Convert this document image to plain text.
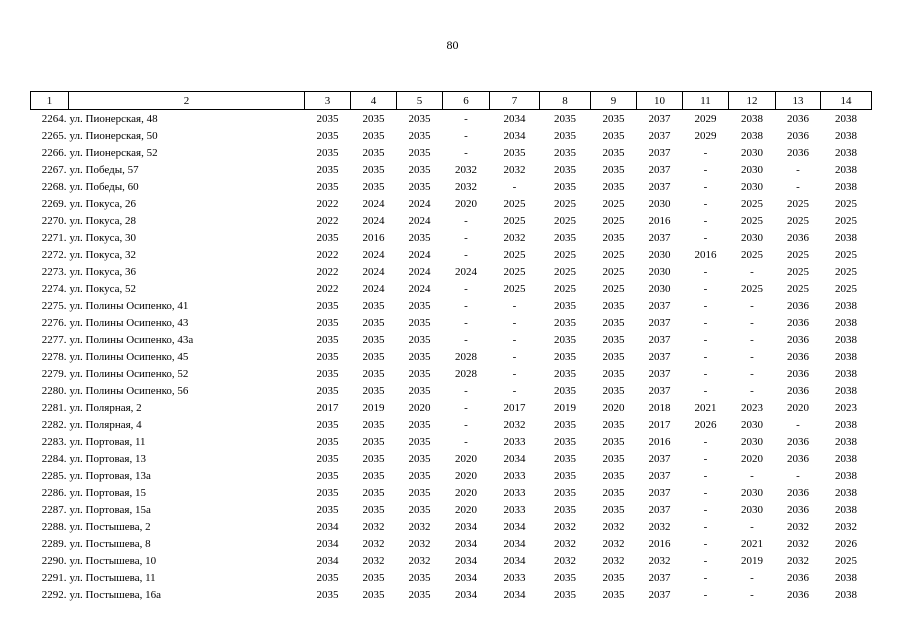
80
1	2	3	4	5	6	7	8	9	10	11	12	13	14
2264.	ул. Пионерская, 48	2035	2035	2035	-	2034	2035	2035	2037	2029	2038	2036	2038
2265.	ул. Пионерская, 50	2035	2035	2035	-	2034	2035	2035	2037	2029	2038	2036	2038
2266.	ул. Пионерская, 52	2035	2035	2035	-	2035	2035	2035	2037	-	2030	2036	2038
2267.	ул. Победы, 57	2035	2035	2035	2032	2032	2035	2035	2037	-	2030	-	2038
2268.	ул. Победы, 60	2035	2035	2035	2032	-	2035	2035	2037	-	2030	-	2038
2269.	ул. Покуса, 26	2022	2024	2024	2020	2025	2025	2025	2030	-	2025	2025	2025
2270.	ул. Покуса, 28	2022	2024	2024	-	2025	2025	2025	2016	-	2025	2025	2025
2271.	ул. Покуса, 30	2035	2016	2035	-	2032	2035	2035	2037	-	2030	2036	2038
2272.	ул. Покуса, 32	2022	2024	2024	-	2025	2025	2025	2030	2016	2025	2025	2025
2273.	ул. Покуса, 36	2022	2024	2024	2024	2025	2025	2025	2030	-	-	2025	2025
2274.	ул. Покуса, 52	2022	2024	2024	-	2025	2025	2025	2030	-	2025	2025	2025
2275.	ул. Полины Осипенко, 41	2035	2035	2035	-	-	2035	2035	2037	-	-	2036	2038
2276.	ул. Полины Осипенко, 43	2035	2035	2035	-	-	2035	2035	2037	-	-	2036	2038
2277.	ул. Полины Осипенко, 43а	2035	2035	2035	-	-	2035	2035	2037	-	-	2036	2038
2278.	ул. Полины Осипенко, 45	2035	2035	2035	2028	-	2035	2035	2037	-	-	2036	2038
2279.	ул. Полины Осипенко, 52	2035	2035	2035	2028	-	2035	2035	2037	-	-	2036	2038
2280.	ул. Полины Осипенко, 56	2035	2035	2035	-	-	2035	2035	2037	-	-	2036	2038
2281.	ул. Полярная, 2	2017	2019	2020	-	2017	2019	2020	2018	2021	2023	2020	2023
2282.	ул. Полярная, 4	2035	2035	2035	-	2032	2035	2035	2017	2026	2030	-	2038
2283.	ул. Портовая, 11	2035	2035	2035	-	2033	2035	2035	2016	-	2030	2036	2038
2284.	ул. Портовая, 13	2035	2035	2035	2020	2034	2035	2035	2037	-	2020	2036	2038
2285.	ул. Портовая, 13а	2035	2035	2035	2020	2033	2035	2035	2037	-	-	-	2038
2286.	ул. Портовая, 15	2035	2035	2035	2020	2033	2035	2035	2037	-	2030	2036	2038
2287.	ул. Портовая, 15а	2035	2035	2035	2020	2033	2035	2035	2037	-	2030	2036	2038
2288.	ул. Постышева, 2	2034	2032	2032	2034	2034	2032	2032	2032	-	-	2032	2032
2289.	ул. Постышева, 8	2034	2032	2032	2034	2034	2032	2032	2016	-	2021	2032	2026
2290.	ул. Постышева, 10	2034	2032	2032	2034	2034	2032	2032	2032	-	2019	2032	2025
2291.	ул. Постышева, 11	2035	2035	2035	2034	2033	2035	2035	2037	-	-	2036	2038
2292.	ул. Постышева, 16а	2035	2035	2035	2034	2034	2035	2035	2037	-	-	2036	2038
